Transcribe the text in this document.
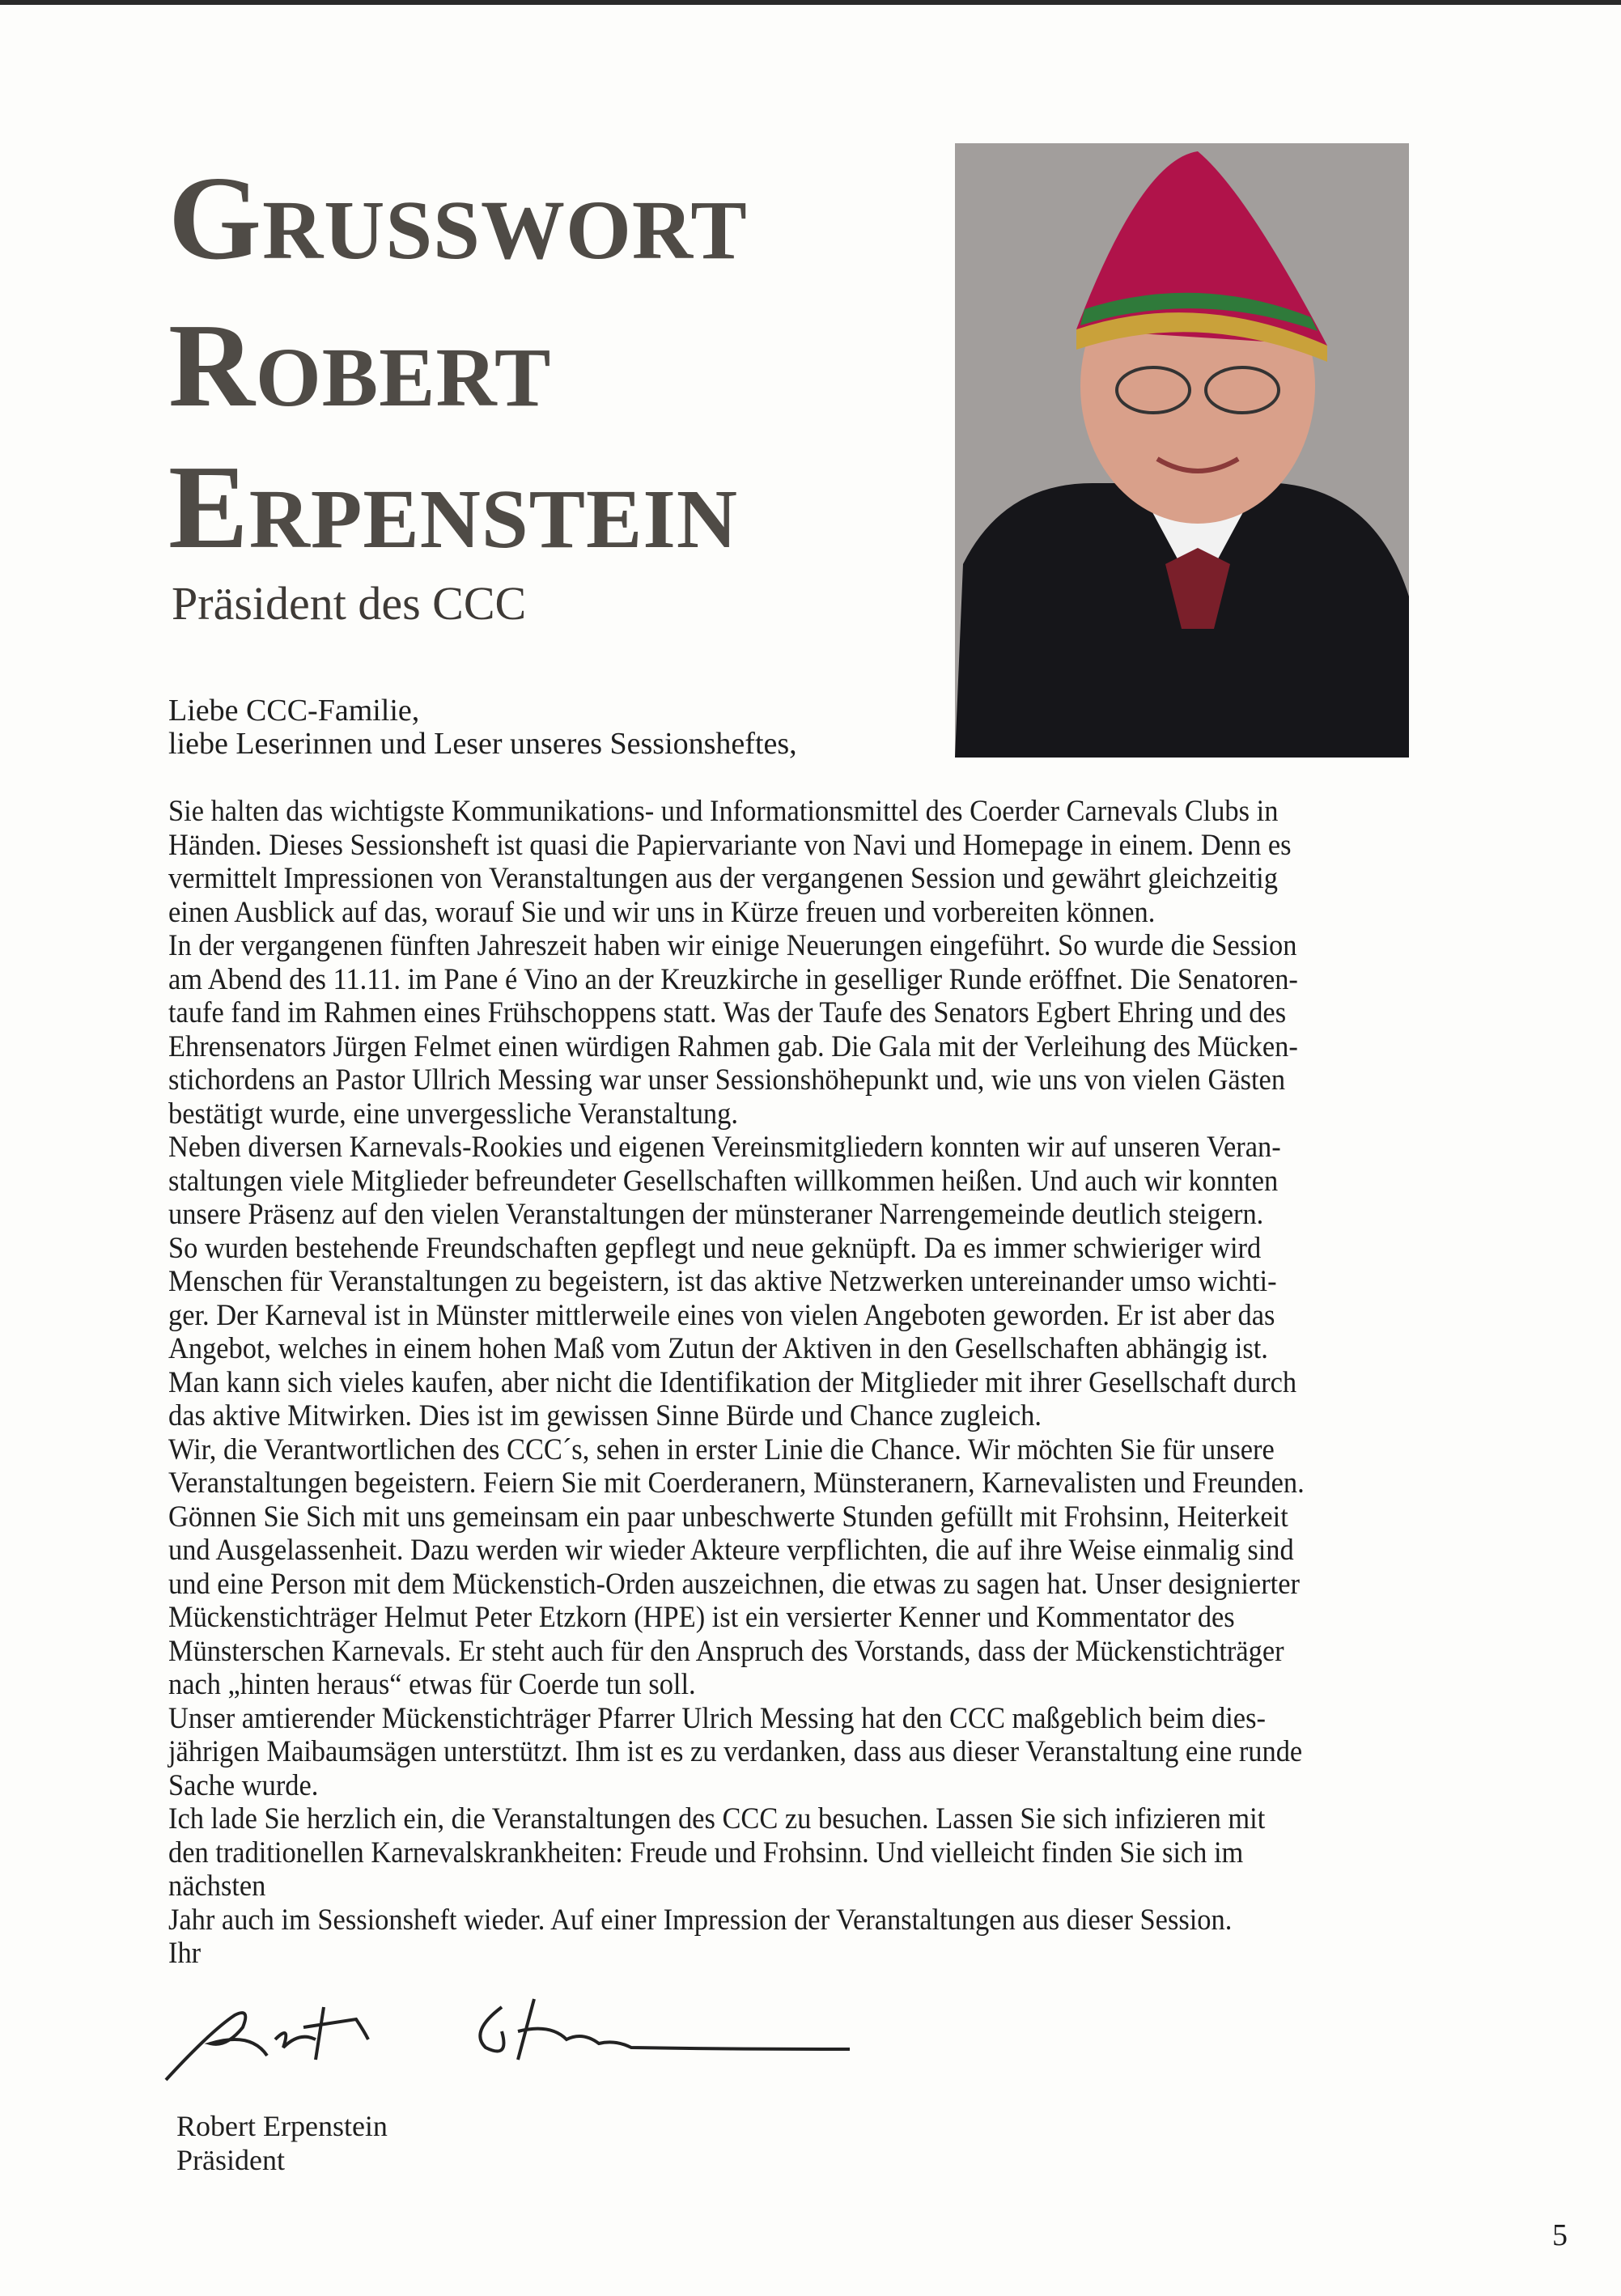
Grusswort
Robert
Erpenstein
Präsident des CCC
Liebe CCC-Familie,
liebe Leserinnen und Leser unseres Sessionsheftes,
Sie halten das wichtigste Kommunikations- und Informationsmittel des Coerder Carnevals Clubs in
Händen. Dieses Sessionsheft ist quasi die Papiervariante von Navi und Homepage in einem. Denn es
vermittelt Impressionen von Veranstaltungen aus der vergangenen Session und gewährt gleichzeitig
einen Ausblick auf das, worauf Sie und wir uns in Kürze freuen und vorbereiten können.
In der vergangenen fünften Jahreszeit haben wir einige Neuerungen eingeführt. So wurde die Session
am Abend des 11.11. im Pane é Vino an der Kreuzkirche in geselliger Runde eröffnet. Die Senatoren-
taufe fand im Rahmen eines Frühschoppens statt. Was der Taufe des Senators Egbert Ehring und des
Ehrensenators Jürgen Felmet einen würdigen Rahmen gab. Die Gala mit der Verleihung des Mücken-
stichordens an Pastor Ullrich Messing war unser Sessionshöhepunkt und, wie uns von vielen Gästen
bestätigt wurde, eine unvergessliche Veranstaltung.
Neben diversen Karnevals-Rookies und eigenen Vereinsmitgliedern konnten wir auf unseren Veran-
staltungen viele Mitglieder befreundeter Gesellschaften willkommen heißen. Und auch wir konnten
unsere Präsenz auf den vielen Veranstaltungen der münsteraner Narrengemeinde deutlich steigern.
So wurden bestehende Freundschaften gepflegt und neue geknüpft. Da es immer schwieriger wird
Menschen für Veranstaltungen zu begeistern, ist das aktive Netzwerken untereinander umso wichti-
ger. Der Karneval ist in Münster mittlerweile eines von vielen Angeboten geworden. Er ist aber das
Angebot, welches in einem hohen Maß vom Zutun der Aktiven in den Gesellschaften abhängig ist.
Man kann sich vieles kaufen, aber nicht die Identifikation der Mitglieder mit ihrer Gesellschaft durch
das aktive Mitwirken. Dies ist im gewissen Sinne Bürde und Chance zugleich.
Wir, die Verantwortlichen des CCC´s, sehen in erster Linie die Chance. Wir möchten Sie für unsere
Veranstaltungen begeistern. Feiern Sie mit Coerderanern, Münsteranern, Karnevalisten und Freunden.
Gönnen Sie Sich mit uns gemeinsam ein paar unbeschwerte Stunden gefüllt mit Frohsinn, Heiterkeit
und Ausgelassenheit. Dazu werden wir wieder Akteure verpflichten, die auf ihre Weise einmalig sind
und eine Person mit dem Mückenstich-Orden auszeichnen, die etwas zu sagen hat. Unser designierter
Mückenstichträger Helmut Peter Etzkorn (HPE) ist ein versierter Kenner und Kommentator des
Münsterschen Karnevals. Er steht auch für den Anspruch des Vorstands, dass der Mückenstichträger
nach „hinten heraus“ etwas für Coerde tun soll.
Unser amtierender Mückenstichträger Pfarrer Ulrich Messing hat den CCC maßgeblich beim dies-
jährigen Maibaumsägen unterstützt. Ihm ist es zu verdanken, dass aus dieser Veranstaltung eine runde
Sache wurde.
Ich lade Sie herzlich ein, die Veranstaltungen des CCC zu besuchen. Lassen Sie sich infizieren mit
den traditionellen Karnevalskrankheiten: Freude und Frohsinn. Und vielleicht finden Sie sich im
nächsten
Jahr auch im Sessionsheft wieder. Auf einer Impression der Veranstaltungen aus dieser Session.
Ihr
Robert Erpenstein
Präsident
5
